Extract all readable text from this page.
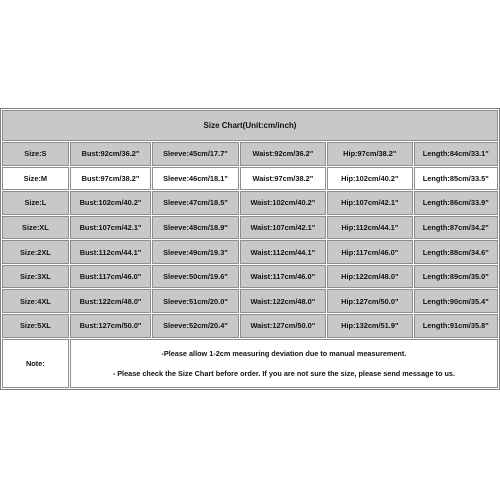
Size Chart(Unit:cm/inch)					
Size:S	Bust:92cm/36.2"	Sleeve:45cm/17.7"	Waist:92cm/36.2"	Hip:97cm/38.2"	Length:84cm/33.1"
Size:M	Bust:97cm/38.2"	Sleeve:46cm/18.1"	Waist:97cm/38.2"	Hip:102cm/40.2"	Length:85cm/33.5"
Size:L	Bust:102cm/40.2"	Sleeve:47cm/18.5"	Waist:102cm/40.2"	Hip:107cm/42.1"	Length:86cm/33.9"
Size:XL	Bust:107cm/42.1"	Sleeve:48cm/18.9"	Waist:107cm/42.1"	Hip:112cm/44.1"	Length:87cm/34.2"
Size:2XL	Bust:112cm/44.1"	Sleeve:49cm/19.3"	Waist:112cm/44.1"	Hip:117cm/46.0"	Length:88cm/34.6"
Size:3XL	Bust:117cm/46.0"	Sleeve:50cm/19.6"	Waist:117cm/46.0"	Hip:122cm/48.0"	Length:89cm/35.0"
Size:4XL	Bust:122cm/48.0"	Sleeve:51cm/20.0"	Waist:122cm/48.0"	Hip:127cm/50.0"	Length:90cm/35.4"
Size:5XL	Bust:127cm/50.0"	Sleeve:52cm/20.4"	Waist:127cm/50.0"	Hip:132cm/51.9"	Length:91cm/35.8"
Note:	-Please allow 1-2cm measuring deviation due to manual measurement.
- Please check the Size Chart before order. If you are not sure the size, please send message to us.				
